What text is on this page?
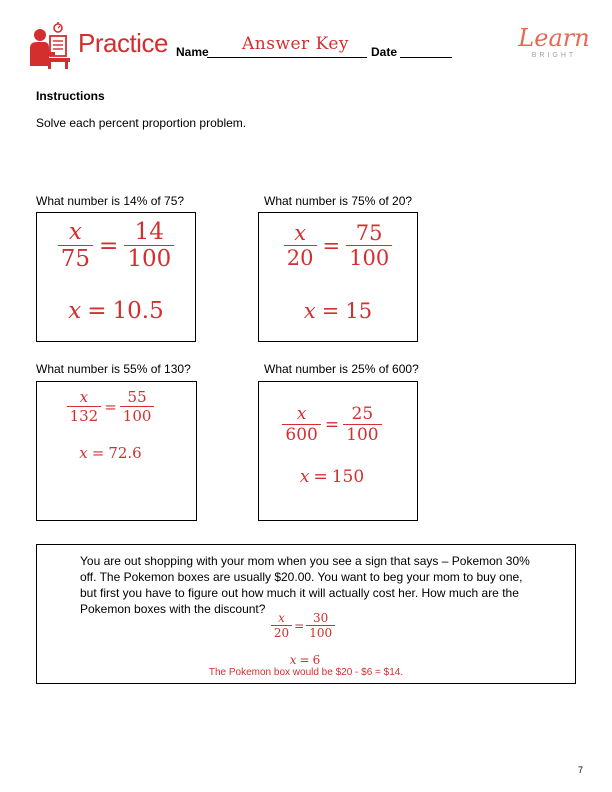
Practice Name Answer Key Date	Learn
BRIGHT
Instructions
Solve each percent proportion problem.
What number is 14% of 75?
$\frac{x}{75} = \frac{14}{100}$
x = 10.5
What number is 75% of 20?
$\frac{x}{20} = \frac{75}{100}$
x = 15
What number is 55% of 130?
$\frac{x}{132} = \frac{55}{100}$
x = 72.6
What number is 25% of 600?
$\frac{x}{600} = \frac{25}{100}$
x = 150
You are out shopping with your mom when you see a sign that says – Pokemon 30% off. The Pokemon boxes are usually $20.00. You want to beg your mom to buy one, but first you have to figure out how much it will actually cost her. How much are the Pokemon boxes with the discount?
$\frac{x}{20} = \frac{30}{100}$
x = 6
The Pokemon box would be $20 - $6 = $14.
7
